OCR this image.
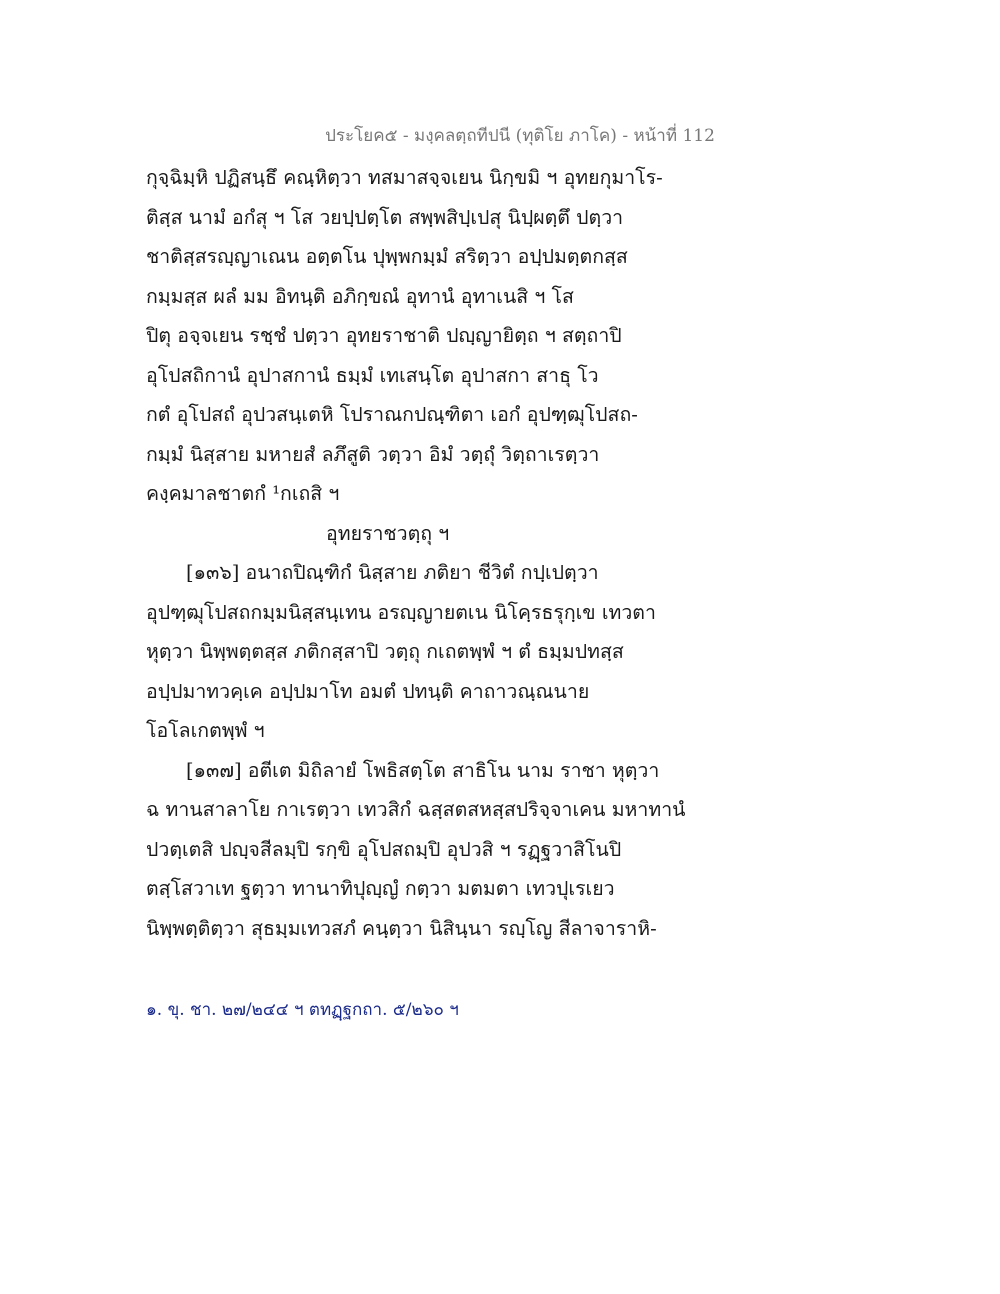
ประโยค๕ - มงฺคลตฺถทีปนี (ทุติโย ภาโค) - หน้าที่ 112
กุจฺฉิมฺหิ ปฏิสนฺธึ คณฺหิตฺวา ทสมาสจฺจเยน นิกฺขมิ ฯ อุทยกุมาโร-
ติสฺส นามํ อกํสุ ฯ โส วยปฺปตฺโต สพฺพสิปฺเปสุ นิปฺผตฺตึ ปตฺวา
ชาติสฺสรญฺญาเณน อตฺตโน ปุพฺพกมฺมํ สริตฺวา อปฺปมตฺตกสฺส
กมฺมสฺส ผลํ มม อิทนฺติ อภิกฺขณํ อุทานํ อุทาเนสิ ฯ โส
ปิตุ อจฺจเยน รชฺชํ ปตฺวา อุทยราชาติ ปญฺญายิตฺถ ฯ สตฺถาปิ
อุโปสถิกานํ อุปาสกานํ ธมฺมํ เทเสนฺโต อุปาสกา สาธุ โว
กตํ อุโปสถํ อุปวสนฺเตหิ โปราณกปณฺฑิตา เอกํ อุปฑฺฒุโปสถ-
กมฺมํ นิสฺสาย มหายสํ ลภึสูติ วตฺวา อิมํ วตฺถุํ วิตฺถาเรตฺวา
คงฺคมาลชาตกํ ¹กเถสิ ฯ
อุทยราชวตฺถุ ฯ
[๑๓๖] อนาถปิณฺฑิกํ นิสฺสาย ภติยา ชีวิตํ กปฺเปตฺวา
อุปฑฺฒุโปสถกมฺมนิสฺสนฺเทน อรญฺญายตเน นิโคฺรธรุกฺเข เทวตา
หุตฺวา นิพฺพตฺตสฺส ภติกสฺสาปิ วตฺถุ กเถตพฺพํ ฯ ตํ ธมฺมปทสฺส
อปฺปมาทวคฺเค อปฺปมาโท อมตํ ปทนฺติ คาถาวณฺณนาย
โอโลเกตพฺพํ ฯ
[๑๓๗] อตีเต มิถิลายํ โพธิสตฺโต สาธิโน นาม ราชา หุตฺวา
ฉ ทานสาลาโย กาเรตฺวา เทวสิกํ ฉสฺสตสหสฺสปริจฺจาเคน มหาทานํ
ปวตฺเตสิ ปญฺจสีลมฺปิ รกฺขิ อุโปสถมฺปิ อุปวสิ ฯ รฏฺฐวาสิโนปิ
ตสฺโสวาเท ฐตฺวา ทานาทิปุญฺญํ กตฺวา มตมตา เทวปุเรเยว
นิพฺพตฺติตฺวา สุธมฺมเทวสภํ คนฺตฺวา นิสินฺนา รญฺโญ สีลาจาราหิ-
๑. ขุ. ชา. ๒๗/๒๔๔ ฯ ตทฏฺฐกถา. ๕/๒๖๐ ฯ
